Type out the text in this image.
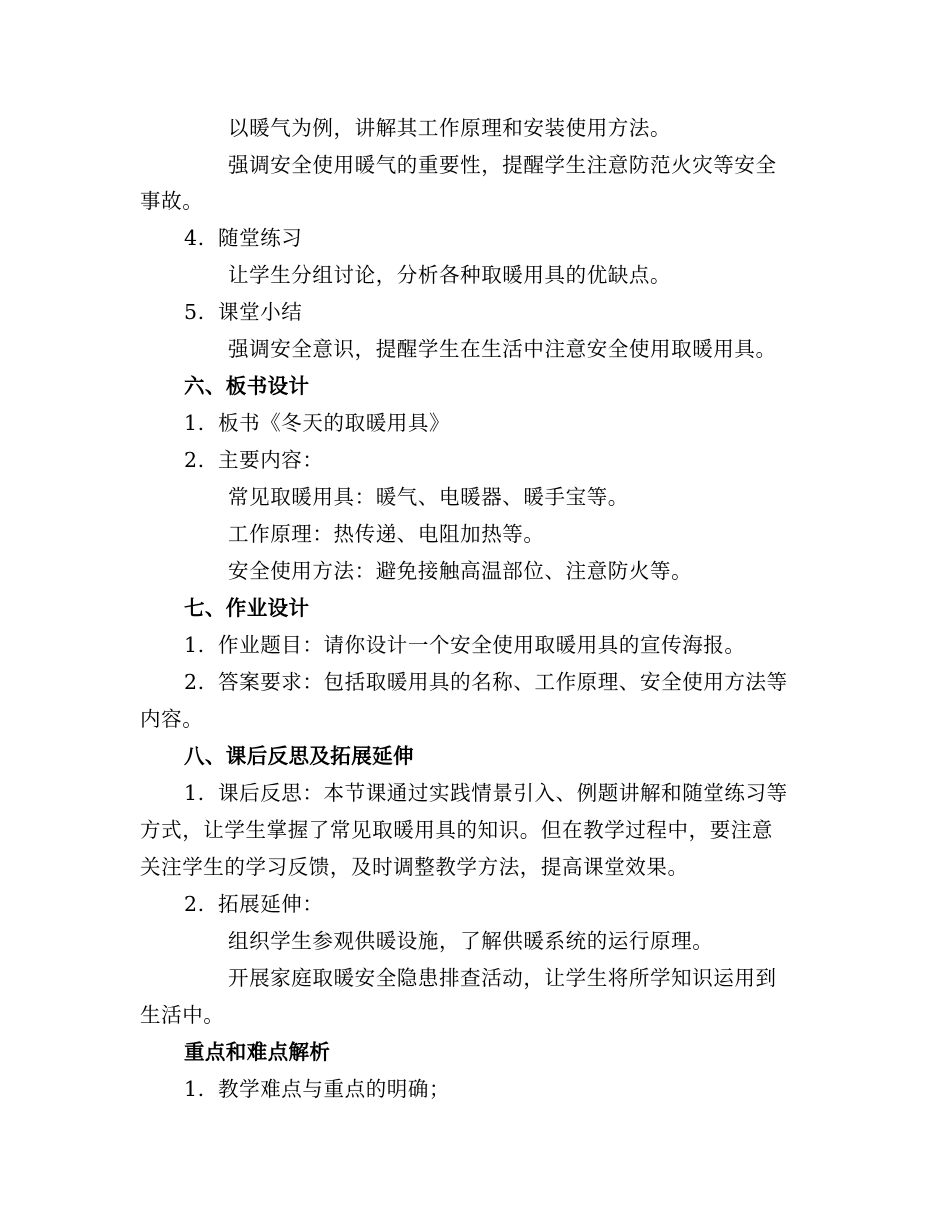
以暖气为例，讲解其工作原理和安装使用方法。
强调安全使用暖气的重要性，提醒学生注意防范火灾等安全
事故。
4. 随堂练习
让学生分组讨论，分析各种取暖用具的优缺点。
5. 课堂小结
强调安全意识，提醒学生在生活中注意安全使用取暖用具。
六、板书设计
1. 板书《冬天的取暖用具》
2. 主要内容：
常见取暖用具：暖气、电暖器、暖手宝等。
工作原理：热传递、电阻加热等。
安全使用方法：避免接触高温部位、注意防火等。
七、作业设计
1. 作业题目：请你设计一个安全使用取暖用具的宣传海报。
2. 答案要求：包括取暖用具的名称、工作原理、安全使用方法等
内容。
八、课后反思及拓展延伸
1. 课后反思：本节课通过实践情景引入、例题讲解和随堂练习等
方式，让学生掌握了常见取暖用具的知识。但在教学过程中，要注意
关注学生的学习反馈，及时调整教学方法，提高课堂效果。
2. 拓展延伸：
组织学生参观供暖设施，了解供暖系统的运行原理。
开展家庭取暖安全隐患排查活动，让学生将所学知识运用到
生活中。
重点和难点解析
1. 教学难点与重点的明确；
